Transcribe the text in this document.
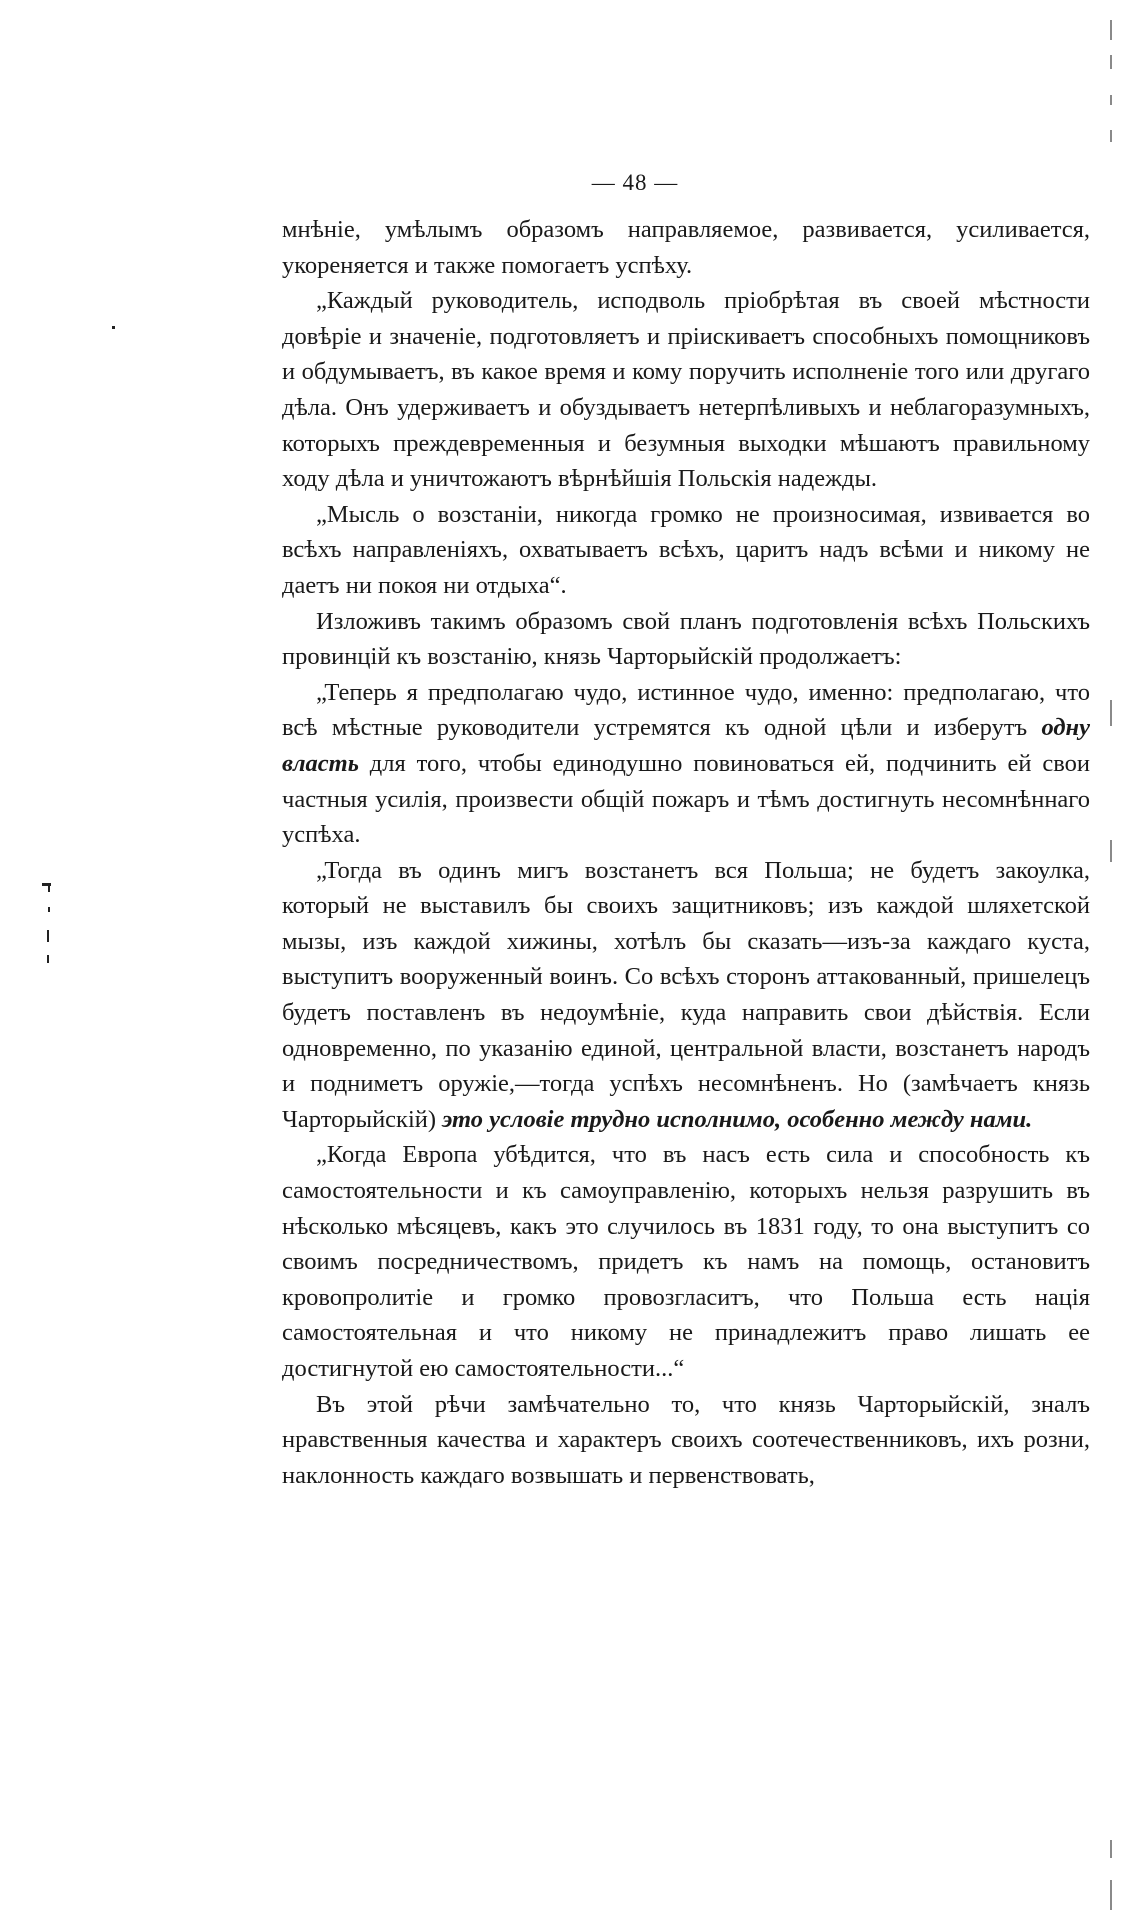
— 48 —

мнѣніе, умѣлымъ образомъ направляемое, развивается, усиливается, укореняется и также помогаетъ успѣху.

„Каждый руководитель, исподволь пріобрѣтая въ своей мѣстности довѣріе и значеніе, подготовляетъ и пріискиваетъ способныхъ помощниковъ и обдумываетъ, въ какое время и кому поручить исполненіе того или другаго дѣла. Онъ удерживаетъ и обуздываетъ нетерпѣливыхъ и неблагоразумныхъ, которыхъ преждевременныя и безумныя выходки мѣшаютъ правильному ходу дѣла и уничтожаютъ вѣрнѣйшія Польскія надежды.

„Мысль о возстаніи, никогда громко не произносимая, извивается во всѣхъ направленіяхъ, охватываетъ всѣхъ, царитъ надъ всѣми и никому не даетъ ни покоя ни отдыха“.

Изложивъ такимъ образомъ свой планъ подготовленія всѣхъ Польскихъ провинцій къ возстанію, князь Чарторыйскій продолжаетъ:

„Теперь я предполагаю чудо, истинное чудо, именно: предполагаю, что всѣ мѣстные руководители устремятся къ одной цѣли и изберутъ одну власть для того, чтобы единодушно повиноваться ей, подчинить ей свои частныя усилія, произвести общій пожаръ и тѣмъ достигнуть несомнѣннаго успѣха.

„Тогда въ одинъ мигъ возстанетъ вся Польша; не будетъ закоулка, который не выставилъ бы своихъ защитниковъ; изъ каждой шляхетской мызы, изъ каждой хижины, хотѣлъ бы сказать—изъ-за каждаго куста, выступитъ вооруженный воинъ. Со всѣхъ сторонъ аттакованный, пришелецъ будетъ поставленъ въ недоумѣніе, куда направить свои дѣйствія. Если одновременно, по указанію единой, центральной власти, возстанетъ народъ и подниметъ оружіе,—тогда успѣхъ несомнѣненъ. Но (замѣчаетъ князь Чарторыйскій) это условіе трудно исполнимо, особенно между нами.

„Когда Европа убѣдится, что въ насъ есть сила и способность къ самостоятельности и къ самоуправленію, которыхъ нельзя разрушить въ нѣсколько мѣсяцевъ, какъ это случилось въ 1831 году, то она выступитъ со своимъ посредничествомъ, придетъ къ намъ на помощь, остановитъ кровопролитіе и громко провозгласитъ, что Польша есть нація самостоятельная и что никому не принадлежитъ право лишать ее достигнутой ею самостоятельности...“

Въ этой рѣчи замѣчательно то, что князь Чарторыйскій, зналъ нравственныя качества и характеръ своихъ соотечественниковъ, ихъ розни, наклонность каждаго возвышать и первенствовать,
